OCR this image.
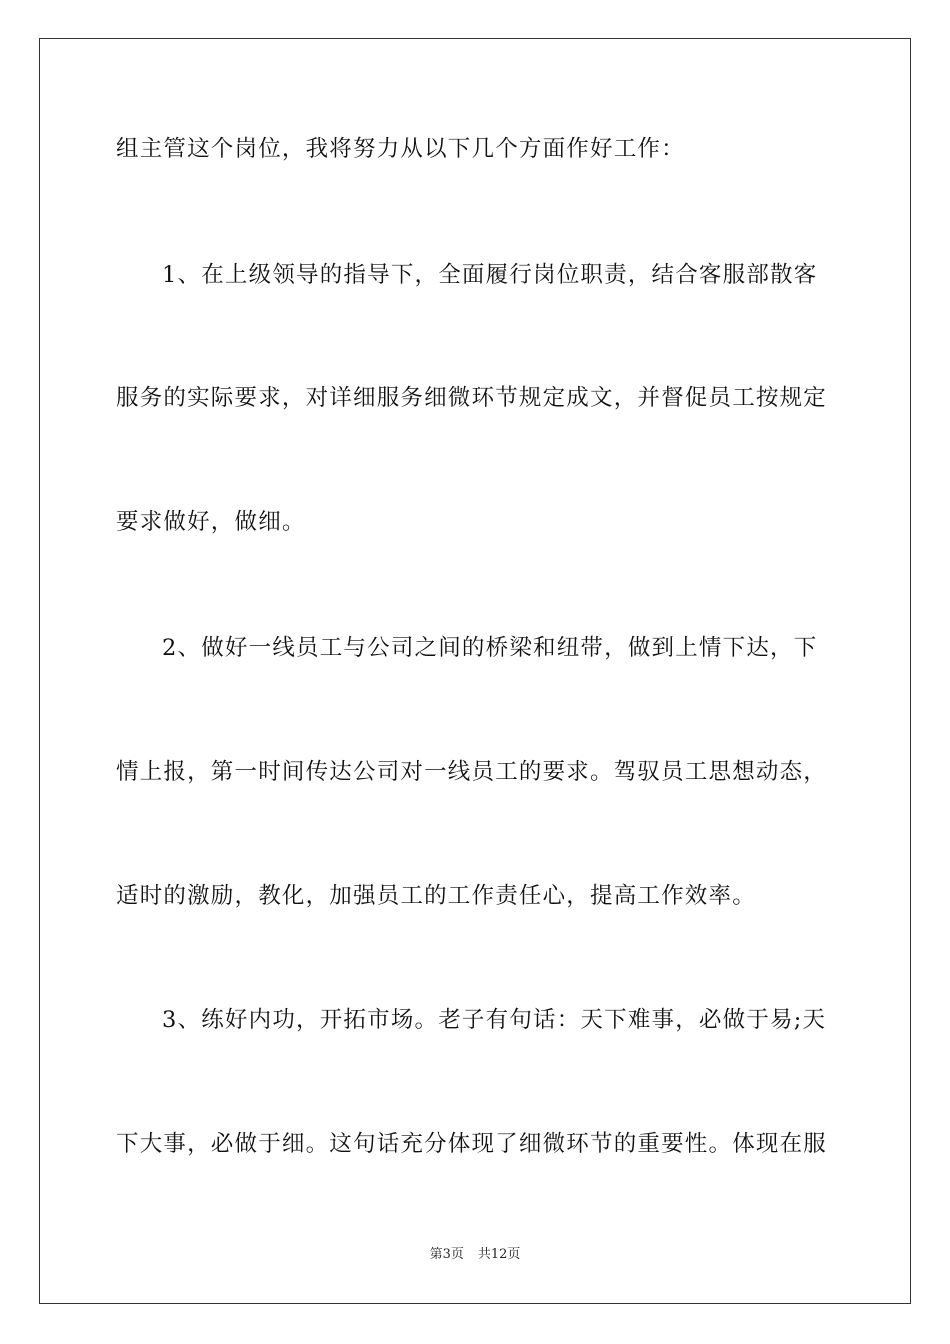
组主管这个岗位，我将努力从以下几个方面作好工作：
1、在上级领导的指导下，全面履行岗位职责，结合客服部散客
服务的实际要求，对详细服务细微环节规定成文，并督促员工按规定
要求做好，做细。
2、做好一线员工与公司之间的桥梁和纽带，做到上情下达，下
情上报，第一时间传达公司对一线员工的要求。驾驭员工思想动态，
适时的激励，教化，加强员工的工作责任心，提高工作效率。
3、练好内功，开拓市场。老子有句话：天下难事，必做于易;天
下大事，必做于细。这句话充分体现了细微环节的重要性。体现在服
第3页 共12页
